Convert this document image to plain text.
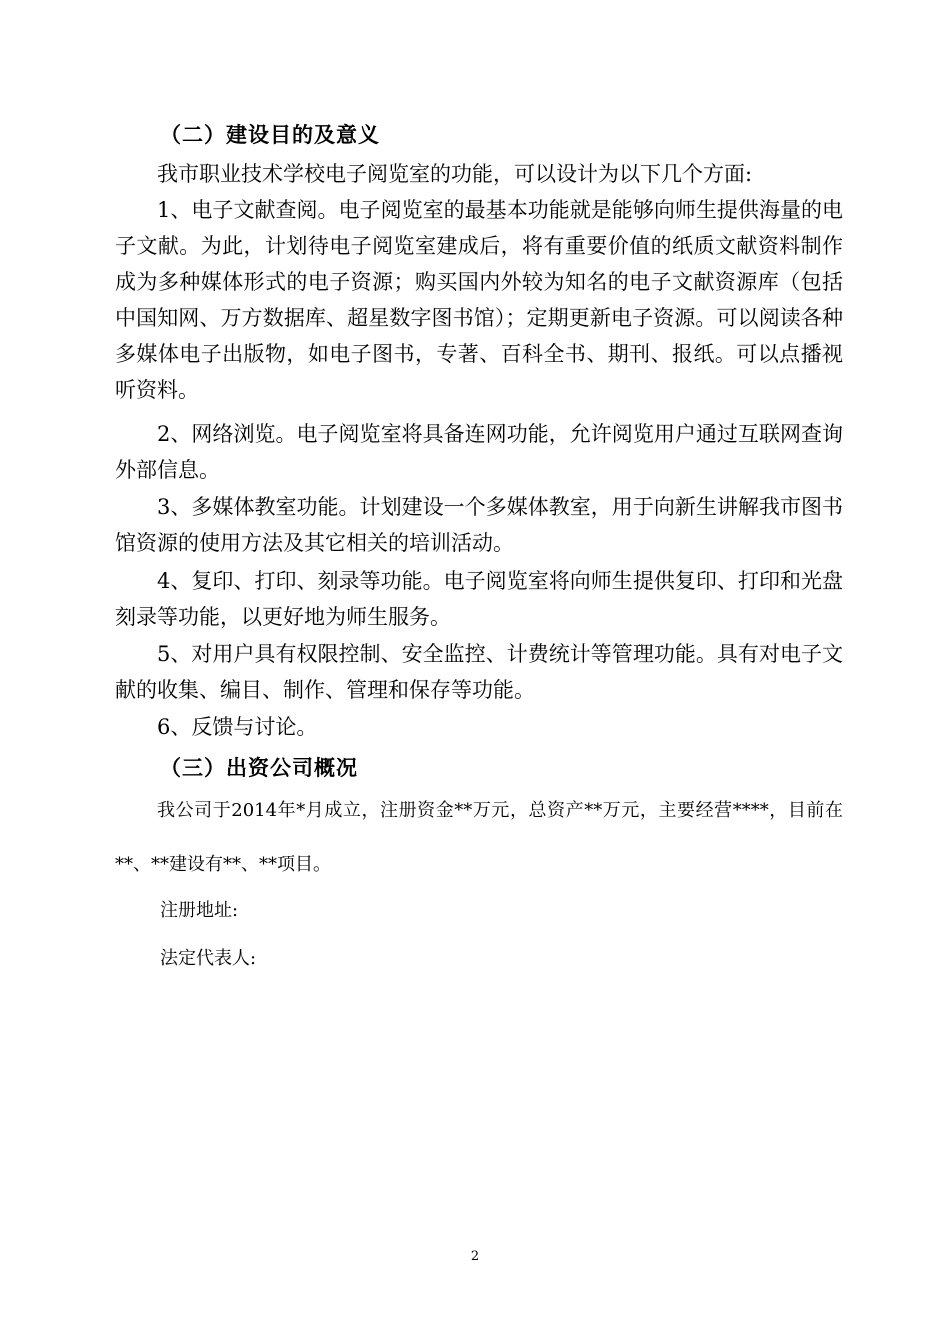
（二）建设目的及意义

我市职业技术学校电子阅览室的功能，可以设计为以下几个方面:

1、电子文献查阅。电子阅览室的最基本功能就是能够向师生提供海量的电子文献。为此，计划待电子阅览室建成后，将有重要价值的纸质文献资料制作成为多种媒体形式的电子资源；购买国内外较为知名的电子文献资源库（包括中国知网、万方数据库、超星数字图书馆）；定期更新电子资源。可以阅读各种多媒体电子出版物，如电子图书，专著、百科全书、期刊、报纸。可以点播视听资料。

2、网络浏览。电子阅览室将具备连网功能，允许阅览用户通过互联网查询外部信息。

3、多媒体教室功能。计划建设一个多媒体教室，用于向新生讲解我市图书馆资源的使用方法及其它相关的培训活动。

4、复印、打印、刻录等功能。电子阅览室将向师生提供复印、打印和光盘刻录等功能，以更好地为师生服务。

5、对用户具有权限控制、安全监控、计费统计等管理功能。具有对电子文献的收集、编目、制作、管理和保存等功能。

6、反馈与讨论。

（三）出资公司概况

我公司于2014年*月成立，注册资金**万元，总资产**万元，主要经营****，目前在**、**建设有**、**项目。

注册地址:
法定代表人:
2
